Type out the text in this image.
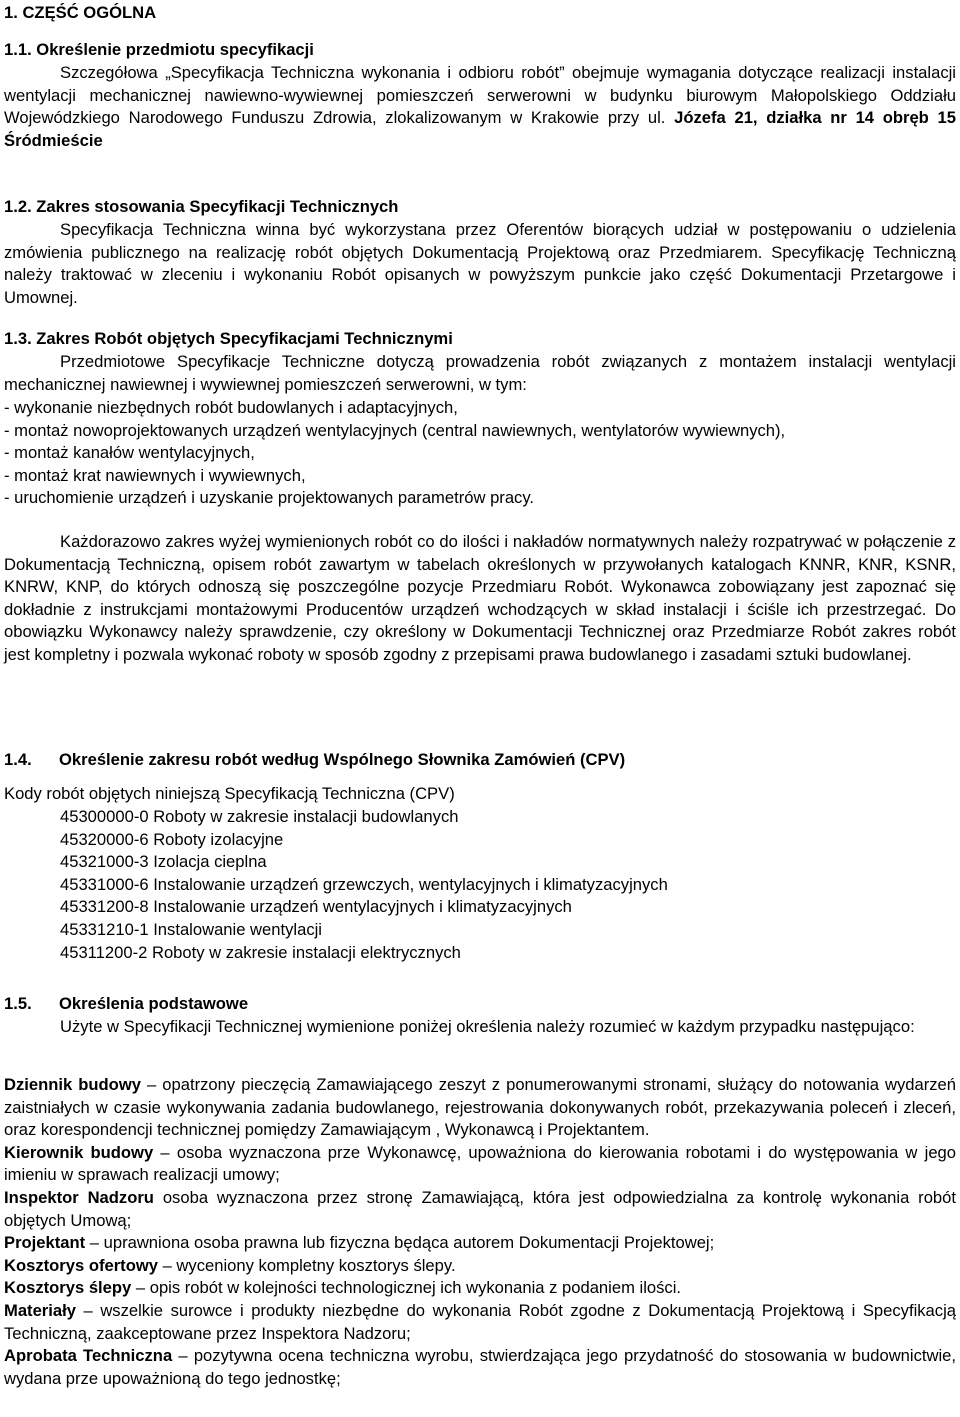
1. CZĘŚĆ OGÓLNA
1.1. Określenie przedmiotu specyfikacji
Szczegółowa „Specyfikacja Techniczna wykonania i odbioru robót” obejmuje wymagania dotyczące realizacji instalacji wentylacji mechanicznej nawiewno-wywiewnej pomieszczeń serwerowni w budynku biurowym Małopolskiego Oddziału Wojewódzkiego Narodowego Funduszu Zdrowia, zlokalizowanym w Krakowie przy ul. Józefa 21, działka nr 14 obręb 15 Śródmieście
1.2. Zakres stosowania Specyfikacji Technicznych
Specyfikacja Techniczna winna być wykorzystana przez Oferentów biorących udział w postępowaniu o udzielenia zmówienia publicznego na realizację robót objętych Dokumentacją Projektową oraz Przedmiarem. Specyfikację Techniczną należy traktować w zleceniu i wykonaniu Robót opisanych w powyższym punkcie jako część Dokumentacji Przetargowe i Umownej.
1.3. Zakres Robót objętych Specyfikacjami Technicznymi
Przedmiotowe Specyfikacje Techniczne dotyczą prowadzenia robót związanych z montażem instalacji wentylacji mechanicznej nawiewnej i wywiewnej pomieszczeń serwerowni, w tym:
- wykonanie niezbędnych robót budowlanych i adaptacyjnych,
- montaż nowoprojektowanych urządzeń wentylacyjnych (central nawiewnych, wentylatorów wywiewnych),
- montaż kanałów wentylacyjnych,
- montaż krat nawiewnych i wywiewnych,
- uruchomienie urządzeń i uzyskanie projektowanych parametrów pracy.
Każdorazowo zakres wyżej wymienionych robót co do ilości i nakładów normatywnych należy rozpatrywać w połączenie z Dokumentacją Techniczną, opisem robót zawartym w tabelach określonych w przywołanych katalogach KNNR, KNR, KSNR, KNRW, KNP, do których odnoszą się poszczególne pozycje Przedmiaru Robót. Wykonawca zobowiązany jest zapoznać się dokładnie z instrukcjami montażowymi Producentów urządzeń wchodzących w skład instalacji i ściśle ich przestrzegać. Do obowiązku Wykonawcy należy sprawdzenie, czy określony w Dokumentacji Technicznej oraz Przedmiarze Robót zakres robót jest kompletny i pozwala wykonać roboty w sposób zgodny z przepisami prawa budowlanego i zasadami sztuki budowlanej.
1.4. Określenie zakresu robót według Wspólnego Słownika Zamówień (CPV)
Kody robót objętych niniejszą Specyfikacją Techniczna (CPV)
45300000-0 Roboty w zakresie instalacji budowlanych
45320000-6 Roboty izolacyjne
45321000-3 Izolacja cieplna
45331000-6 Instalowanie urządzeń grzewczych, wentylacyjnych i klimatyzacyjnych
45331200-8 Instalowanie urządzeń wentylacyjnych i klimatyzacyjnych
45331210-1 Instalowanie wentylacji
45311200-2 Roboty w zakresie instalacji elektrycznych
1.5. Określenia podstawowe
Użyte w Specyfikacji Technicznej wymienione poniżej określenia należy rozumieć w każdym przypadku następująco:

Dziennik budowy – opatrzony pieczęcią Zamawiającego zeszyt z ponumerowanymi stronami, służący do notowania wydarzeń zaistniałych w czasie wykonywania zadania budowlanego, rejestrowania dokonywanych robót, przekazywania poleceń i zleceń, oraz korespondencji technicznej pomiędzy Zamawiającym , Wykonawcą i Projektantem.

Kierownik budowy – osoba wyznaczona prze Wykonawcę, upoważniona do kierowania robotami i do występowania w jego imieniu w sprawach realizacji umowy;

Inspektor Nadzoru osoba wyznaczona przez stronę Zamawiającą, która jest odpowiedzialna za kontrolę wykonania robót objętych Umową;

Projektant – uprawniona osoba prawna lub fizyczna będąca autorem Dokumentacji Projektowej;

Kosztorys ofertowy – wyceniony kompletny kosztorys ślepy.

Kosztorys ślepy – opis robót w kolejności technologicznej ich wykonania z podaniem ilości.

Materiały – wszelkie surowce i produkty niezbędne do wykonania Robót zgodne z Dokumentacją Projektową i Specyfikacją Techniczną, zaakceptowane przez Inspektora Nadzoru;

Aprobata Techniczna – pozytywna ocena techniczna wyrobu, stwierdzająca jego przydatność do stosowania w budownictwie, wydana prze upoważnioną do tego jednostkę;
